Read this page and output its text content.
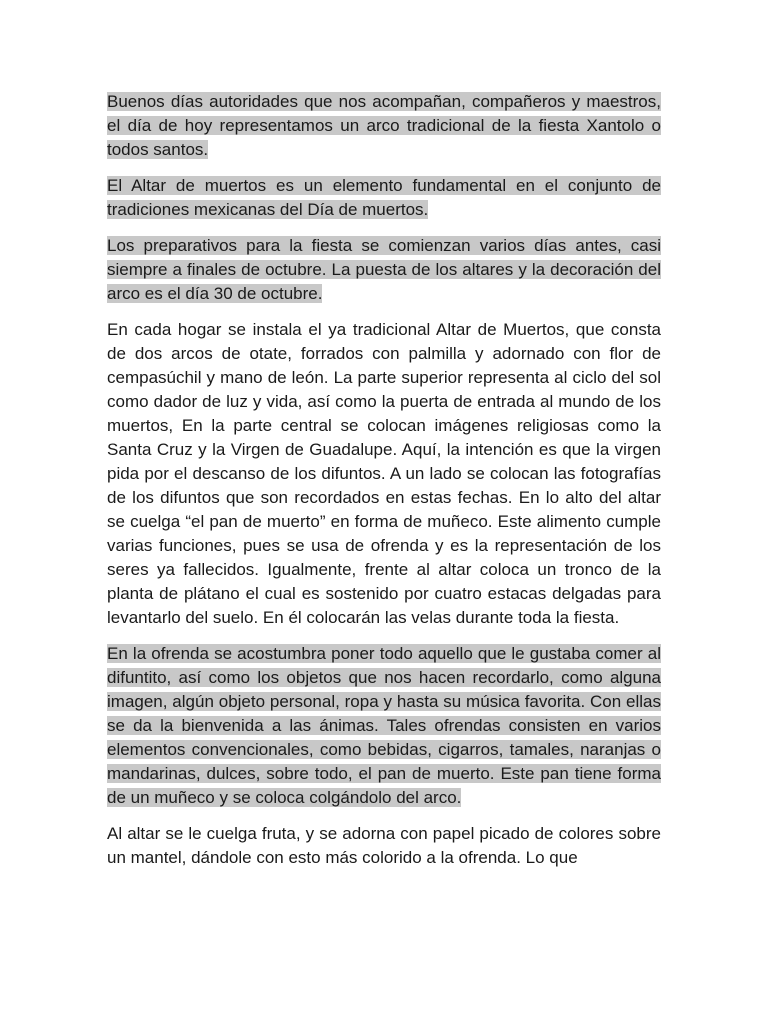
Buenos días autoridades que nos acompañan, compañeros y maestros, el día de hoy representamos un arco tradicional de la fiesta Xantolo o todos santos.

El Altar de muertos es un elemento fundamental en el conjunto de tradiciones mexicanas del Día de muertos.

Los preparativos para la fiesta se comienzan varios días antes, casi siempre a finales de octubre. La puesta de los altares y la decoración del arco es el día 30 de octubre.

En cada hogar se instala el ya tradicional Altar de Muertos, que consta de dos arcos de otate, forrados con palmilla y adornado con flor de cempasúchil y mano de león. La parte superior representa al ciclo del sol como dador de luz y vida, así como la puerta de entrada al mundo de los muertos, En la parte central se colocan imágenes religiosas como la Santa Cruz y la Virgen de Guadalupe. Aquí, la intención es que la virgen pida por el descanso de los difuntos. A un lado se colocan las fotografías de los difuntos que son recordados en estas fechas. En lo alto del altar se cuelga “el pan de muerto” en forma de muñeco. Este alimento cumple varias funciones, pues se usa de ofrenda y es la representación de los seres ya fallecidos. Igualmente, frente al altar coloca un tronco de la planta de plátano el cual es sostenido por cuatro estacas delgadas para levantarlo del suelo. En él colocarán las velas durante toda la fiesta.

En la ofrenda se acostumbra poner todo aquello que le gustaba comer al difuntito, así como los objetos que nos hacen recordarlo, como alguna imagen, algún objeto personal, ropa y hasta su música favorita. Con ellas se da la bienvenida a las ánimas. Tales ofrendas consisten en varios elementos convencionales, como bebidas, cigarros, tamales, naranjas o mandarinas, dulces, sobre todo, el pan de muerto. Este pan tiene forma de un muñeco y se coloca colgándolo del arco.

Al altar se le cuelga fruta, y se adorna con papel picado de colores sobre un mantel, dándole con esto más colorido a la ofrenda. Lo que
